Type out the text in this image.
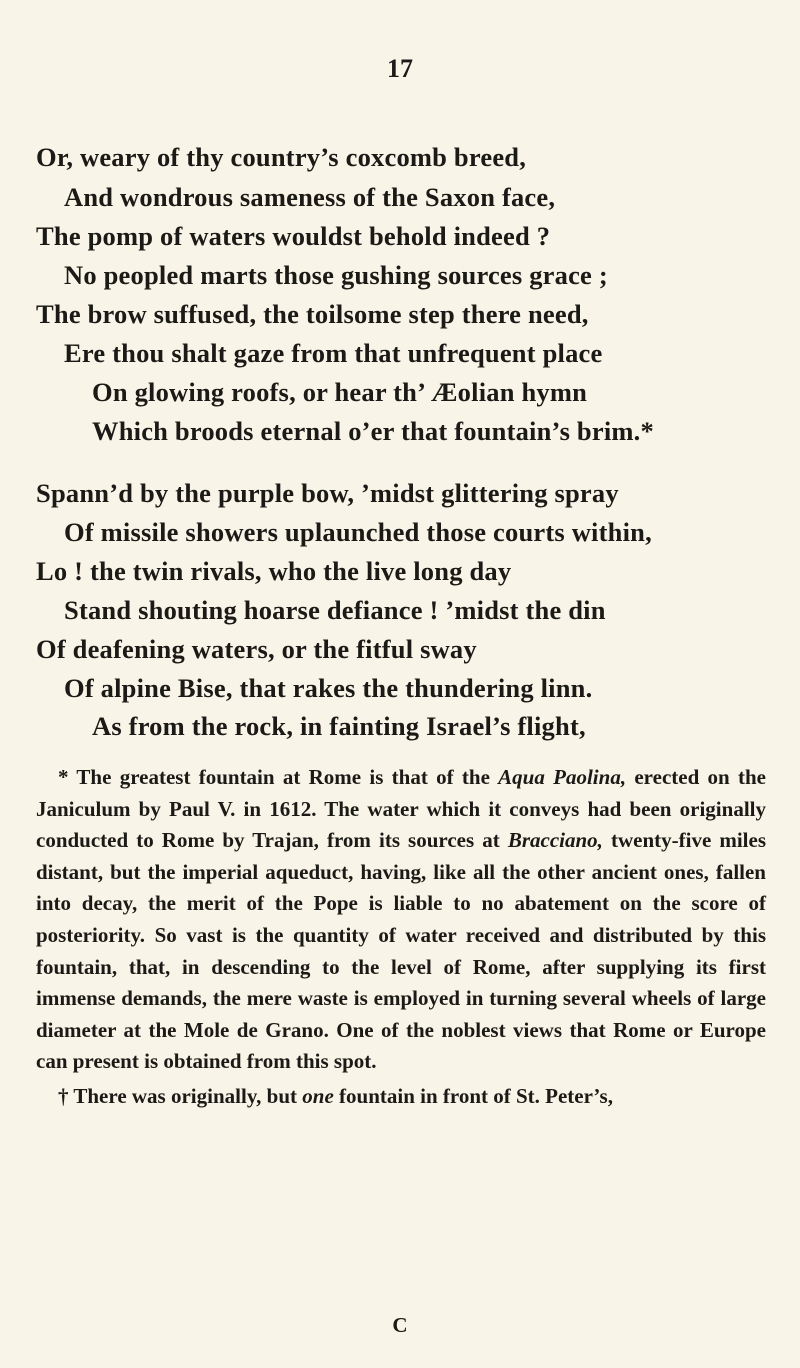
17
Or, weary of thy country’s coxcomb breed,
And wondrous sameness of the Saxon face,
The pomp of waters wouldst behold indeed ?
No peopled marts those gushing sources grace ;
The brow suffused, the toilsome step there need,
Ere thou shalt gaze from that unfrequent place
On glowing roofs, or hear th’ Æolian hymn
Which broods eternal o’er that fountain’s brim.*
Spann’d by the purple bow, ’midst glittering spray
Of missile showers uplaunched those courts within,
Lo ! the twin rivals, who the live long day
Stand shouting hoarse defiance ! ’midst the din
Of deafening waters, or the fitful sway
Of alpine Bise, that rakes the thundering linn.
As from the rock, in fainting Israel’s flight,

* The greatest fountain at Rome is that of the Aqua Paolina, erected on the Janiculum by Paul V. in 1612. The water which it conveys had been originally conducted to Rome by Trajan, from its sources at Bracciano, twenty-five miles distant, but the imperial aqueduct, having, like all the other ancient ones, fallen into decay, the merit of the Pope is liable to no abatement on the score of posteriority. So vast is the quantity of water received and distributed by this fountain, that, in descending to the level of Rome, after supplying its first immense demands, the mere waste is employed in turning several wheels of large diameter at the Mole de Grano. One of the noblest views that Rome or Europe can present is obtained from this spot.

† There was originally, but one fountain in front of St. Peter’s,

C
